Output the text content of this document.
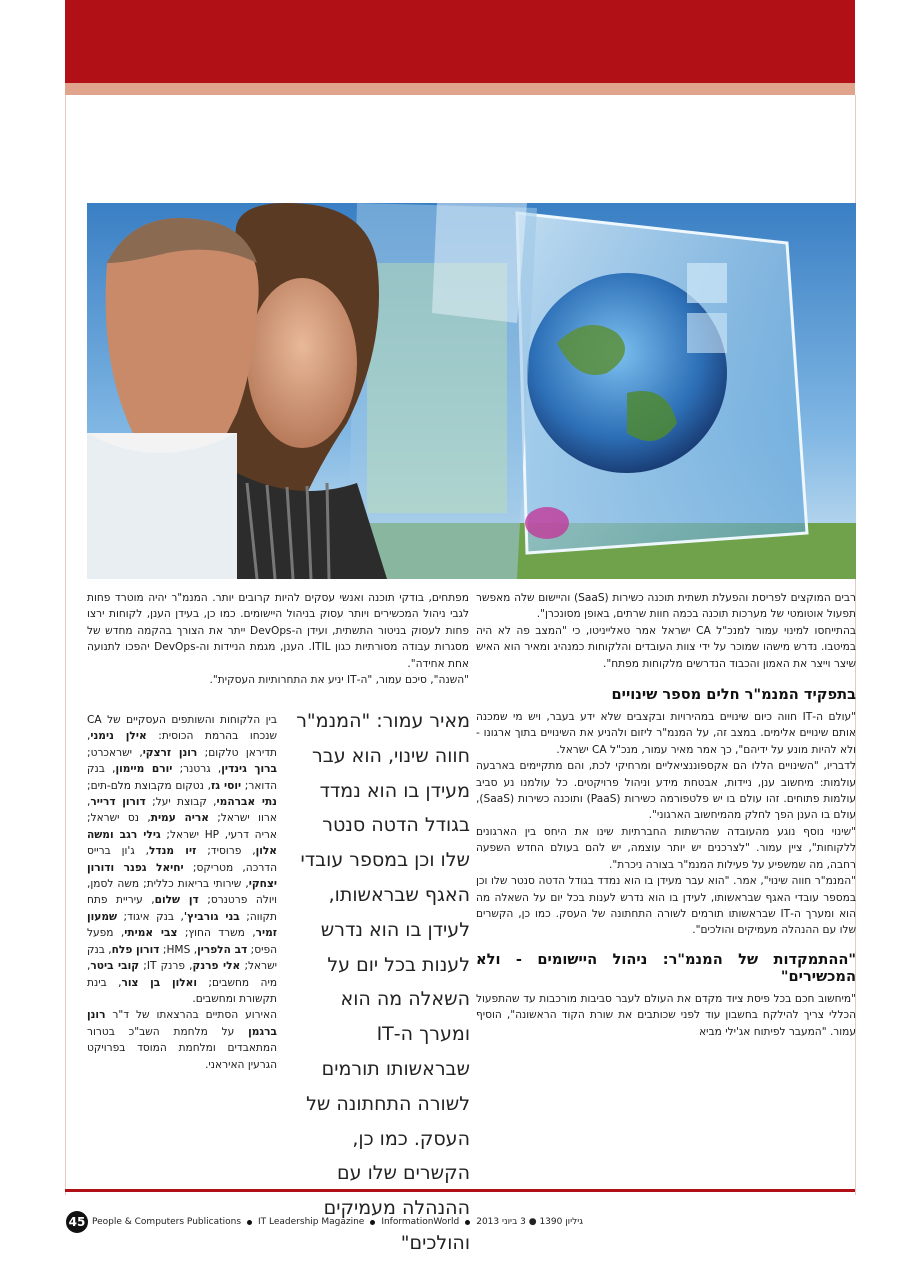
רבים המוקצים לפריסת והפעלת תשתית תוכנה כשירות (SaaS) והיישום שלה מאפשר תפעול אוטומטי של מערכות תוכנה בכמה חוות שרתים, באופן מסונכרן".

בהתייחסו למינוי עמור למנכ"ל CA ישראל אמר טאלייניטו, כי "המצב פה לא היה במיטבו. נדרש מישהו שמוכר על ידי צוות העובדים והלקוחות כמנהיג ומאיר הוא האיש שיצר וייצר את האמון והכבוד הנדרשים מלקוחות מפתח".

בתפקיד המנמ"ר חלים מספר שינויים

"עולם ה-IT חווה כיום שינויים במהירויות ובקצבים שלא ידע בעבר, ויש מי שמכנה אותם שינויים אלימים. במצב זה, על המנמ"ר ליזום ולהניע את השינויים בתוך ארגונו - ולא להיות מונע על ידיהם", כך אמר מאיר עמור, מנכ"ל CA ישראל.

לדבריו, "השינויים הללו הם אקספוננציאליים ומרחיקי לכת, והם מתקיימים בארבעה עולמות: מיחשוב ענן, ניידות, אבטחת מידע וניהול פרויקטים. כל עולמנו נע סביב עולמות פתוחים. זהו עולם בו יש פלטפורמה כשירות (PaaS) ותוכנה כשירות (SaaS), עולם בו הענן הפך לחלק מהמיחשוב הארגוני".

"שינוי נוסף נוגע מהעובדה שהרשתות החברתיות שינו את היחס בין הארגונים ללקוחות", ציין עמור. "לצרכנים יש יותר עוצמה, יש להם בעולם החדש השפעה רחבה, מה שמשפיע על פעילות המנמ"ר בצורה ניכרת".

"המנמ"ר חווה שינוי", אמר. "הוא עבר מעידן בו הוא נמדד בגודל הדטה סנטר שלו וכן במספר עובדי האגף שבראשותו, לעידן בו הוא נדרש לענות בכל יום על השאלה מה הוא ומערך ה-IT שבראשותו תורמים לשורה התחתונה של העסק. כמו כן, הקשרים שלו עם ההנהלה מעמיקים והולכים".

"ההתמקדות של המנמ"ר: ניהול היישומים - ולא המכשירים"

"מיחשוב חכם בכל פיסת ציוד מקדם את העולם לעבר סביבות מורכבות עד שהתפעול הכללי צריך להילקח בחשבון עוד לפני שכותבים את שורת הקוד הראשונה", הוסיף עמור. "המעבר לפיתוח אג'ילי מביא

מפתחים, בודקי תוכנה ואנשי עסקים להיות קרובים יותר. המנמ"ר יהיה מוטרד פחות לגבי ניהול המכשירים ויותר עסוק בניהול היישומים. כמו כן, בעידן הענן, לקוחות ירצו פחות לעסוק בניטור התשתית, ועידן ה-DevOps ייתר את הצורך בהקמה מחדש של מסגרות עבודה מסורתיות כגון ITIL. הענן, מגמת הניידות וה-DevOps יהפכו לתנועה אחת אחידה".

"השנה", סיכם עמור, "ה-IT יניע את התחרותיות העסקית".

מאיר עמור: "המנמ"ר חווה שינוי, הוא עבר מעידן בו הוא נמדד בגודל הדטה סנטר שלו וכן במספר עובדי האגף שבראשותו, לעידן בו הוא נדרש לענות בכל יום על השאלה מה הוא ומערך ה-IT שבראשותו תורמים לשורה התחתונה של העסק. כמו כן, הקשרים שלו עם ההנהלה מעמיקים והולכים"

בין הלקוחות והשותפים העסקיים של CA שנכחו בהרמת הכוסית: אילן נימני, תדיראן טלקום; רונן זרצקי, ישראכרט; ברוך גינדין, גרטנר; יורם מיימון, בנק הדואר; יוסי גז, נטקום מקבוצת מלם-תים; נתי אברהמי, קבוצת יעל; דורון דרייר, ארוו ישראל; אריה עמית, נס ישראל; אריה דרעי, HP ישראל; גילי רגב ומשה אלון, פרוסיד; זיו מנדל, ג'ון ברייס הדרכה, מטריקס; יחיאל גפנר ודורון יצחקי, שירותי בריאות כללית; משה לסמן, ויולה פרטנרס; דן שלום, עיריית פתח תקווה; בני גורביץ', בנק איגוד; שמעון זמיר, משרד החוץ; צבי אמיתי, מפעל הפיס; דב הלפרין, HMS; דורון פלח, בנק ישראל; אלי פרנק, פרנק IT; קובי ביטר, מיה מחשבים; ואלון בן צור, בינת תקשורת ומחשבים.

האירוע הסתיים בהרצאתו של ד"ר רונן ברגמן על מלחמת השב"כ בטרור המתאבדים ומלחמת המוסד בפרויקט הגרעין האיראני.

45 People & Computers Publications IT Leadership Magazine InformationWorld גיליון 1390 ● 3 ביוני 2013
